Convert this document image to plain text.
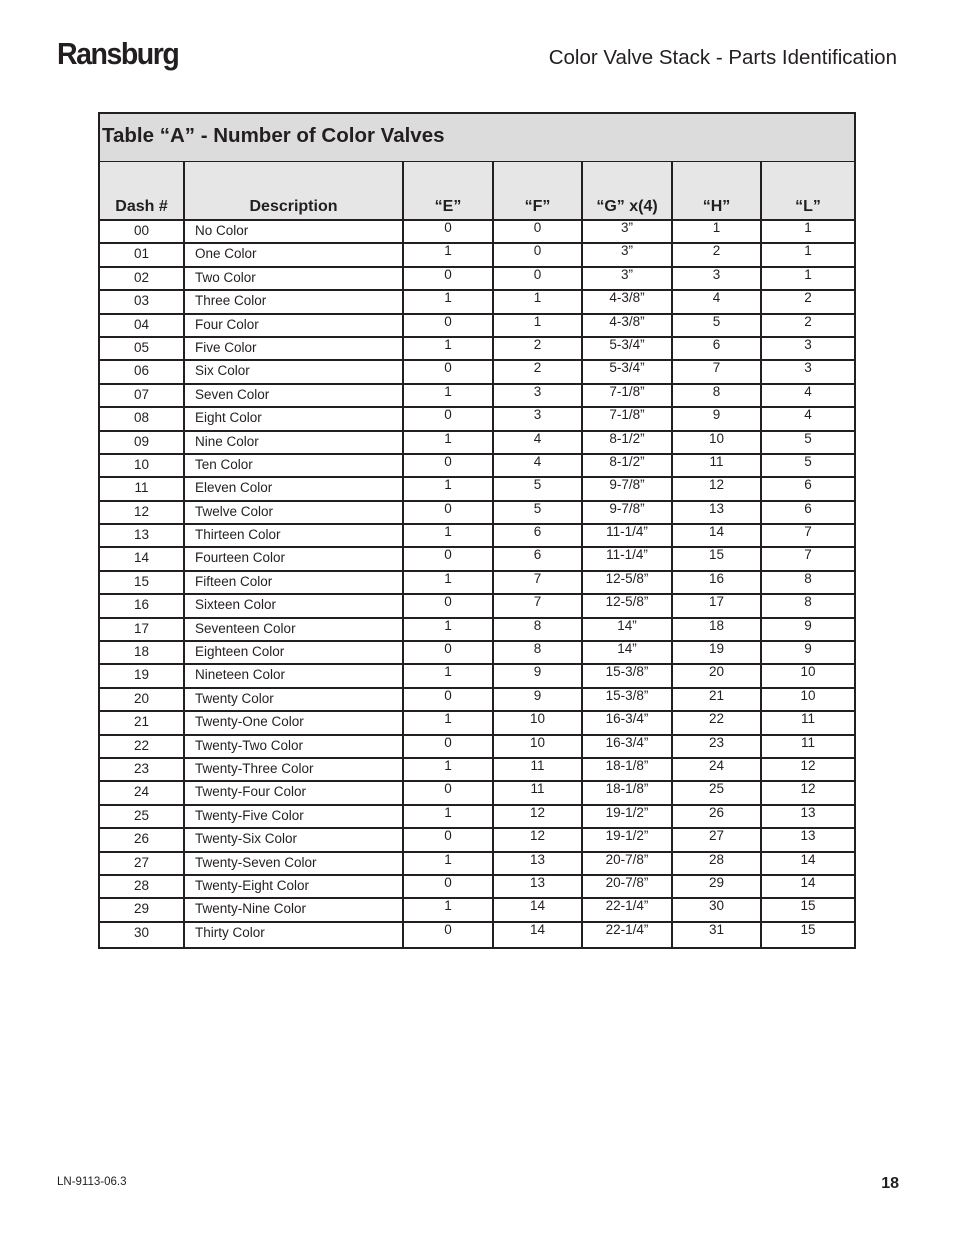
Ransburg	Color Valve Stack - Parts Identification
Table “A” - Number of Color Valves
Dash #	Description	“E”	“F”	“G” x(4)	“H”	“L”
00	No Color	0	0	3”	1	1
01	One Color	1	0	3”	2	1
02	Two Color	0	0	3”	3	1
03	Three Color	1	1	4-3/8”	4	2
04	Four Color	0	1	4-3/8”	5	2
05	Five Color	1	2	5-3/4”	6	3
06	Six Color	0	2	5-3/4”	7	3
07	Seven Color	1	3	7-1/8”	8	4
08	Eight Color	0	3	7-1/8”	9	4
09	Nine Color	1	4	8-1/2”	10	5
10	Ten Color	0	4	8-1/2”	11	5
11	Eleven Color	1	5	9-7/8”	12	6
12	Twelve Color	0	5	9-7/8”	13	6
13	Thirteen Color	1	6	11-1/4”	14	7
14	Fourteen Color	0	6	11-1/4”	15	7
15	Fifteen Color	1	7	12-5/8”	16	8
16	Sixteen Color	0	7	12-5/8”	17	8
17	Seventeen Color	1	8	14”	18	9
18	Eighteen Color	0	8	14”	19	9
19	Nineteen Color	1	9	15-3/8”	20	10
20	Twenty Color	0	9	15-3/8”	21	10
21	Twenty-One Color	1	10	16-3/4”	22	11
22	Twenty-Two Color	0	10	16-3/4”	23	11
23	Twenty-Three Color	1	11	18-1/8”	24	12
24	Twenty-Four Color	0	11	18-1/8”	25	12
25	Twenty-Five Color	1	12	19-1/2”	26	13
26	Twenty-Six Color	0	12	19-1/2”	27	13
27	Twenty-Seven Color	1	13	20-7/8”	28	14
28	Twenty-Eight Color	0	13	20-7/8”	29	14
29	Twenty-Nine Color	1	14	22-1/4”	30	15
30	Thirty Color	0	14	22-1/4”	31	15
LN-9113-06.3	18
